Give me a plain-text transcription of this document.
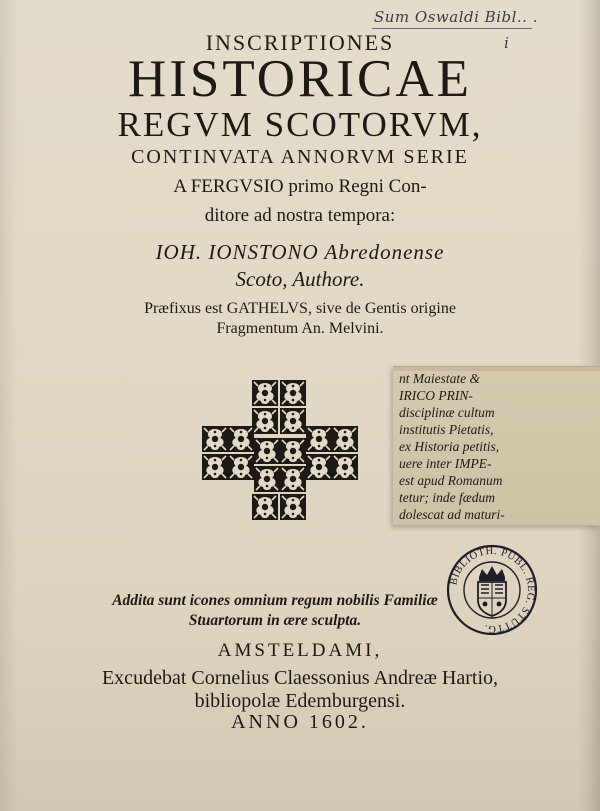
Sum Oswaldi Bibl.. .
i
INSCRIPTIONES
HISTORICAE
REGVM SCOTORVM,
CONTINVATA ANNORVM SERIE
A FERGVSIO primo Regni Con-
ditore ad nostra tempora:
IOH. IONSTONO Abredonense
Scoto, Authore.
Præfixus est GATHELVS, sive de Gentis origine
Fragmentum An. Melvini.
nt Maiestate &
IRICO PRIN-
disciplinæ cultum
institutis Pietatis,
ex Historia petitis,
uere inter IMPE-
est apud Romanum
tetur; inde fædum
dolescat ad maturi-
BIBLIOTH. PUBL. REG. STUTTG.
Addita sunt icones omnium regum nobilis Familiæ
Stuartorum in ære sculpta.
AMSTELDAMI,
Excudebat Cornelius Claessonius Andreæ Hartio,
bibliopolæ Edemburgensi.
ANNO 1602.
